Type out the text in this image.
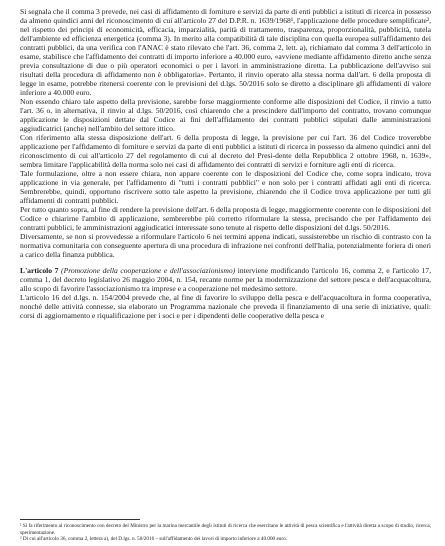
Si segnala che il comma 3 prevede, nei casi di affidamento di forniture e servizi da parte di enti pubblici a istituti di ricerca in possesso da almeno quindici anni del riconoscimento di cui all'articolo 27 del D.P.R. n. 1639/1968¹, l'applicazione delle procedure semplificate², nel rispetto dei principi di economicità, efficacia, imparzialità, parità di trattamento, trasparenza, proporzionalità, pubblicità, tutela dell'ambiente ed efficienza energetica (comma 3). In merito alla compatibilità di tale disciplina con quella europea sull'affidamento dei contratti pubblici, da una verifica con l'ANAC è stato rilevato che l'art. 36, comma 2, lett. a), richiamato dal comma 3 dell'articolo in esame, stabilisce che l'affidamento dei contratti di importo inferiore a 40.000 euro, «avviene mediante affidamento diretto anche senza previa consultazione di due o più operatori economici o per i lavori in amministrazione diretta. La pubblicazione dell'avviso sui risultati della procedura di affidamento non è obbligatoria». Pertanto, il rinvio operato alla stessa norma dall'art. 6 della proposta di legge in esame, potrebbe ritenersi coerente con le previsioni del d.lgs. 50/2016 solo se diretto a disciplinare gli affidamenti di valore inferiore a 40.000 euro.

Non essendo chiaro tale aspetto della previsione, sarebbe forse maggiormente conforme alle disposizioni del Codice, il rinvio a tutto l'art. 36 o, in alternativa, il rinvio al d.lgs. 50/2016, così chiarendo che a prescindere dall'importo del contratto, trovano comunque applicazione le disposizioni dettate dal Codice ai fini dell'affidamento dei contratti pubblici stipulati dalle amministrazioni aggiudicatrici (anche) nell'ambito del settore ittico.

Con riferimento alla stessa disposizione dell'art. 6 della proposta di legge, la previsione per cui l'art. 36 del Codice troverebbe applicazione per l'affidamento di forniture e servizi da parte di enti pubblici a istituti di ricerca in possesso da almeno quindici anni del riconoscimento di cui all'articolo 27 del regolamento di cui al decreto del Presi-dente della Repubblica 2 ottobre 1968, n. 1639», sembra limitare l'applicabilità della norma solo nei casi di affidamento dei contratti di servizi e forniture agli enti di ricerca.

Tale formulazione, oltre a non essere chiara, non appare coerente con le disposizioni del Codice che, come sopra indicato, trova applicazione in via generale, per l'affidamento di "tutti i contratti pubblici" e non solo per i contratti affidati agli enti di ricerca. Sembrerebbe, quindi, opportuno riscrivere sotto tale aspetto la previsione, chiarendo che il Codice trova applicazione per tutti gli affidamenti di contratti pubblici.

Per tutto quanto sopra, al fine di rendere la previsione dell'art. 6 della proposta di legge, maggiormente coerente con le disposizioni del Codice e chiarirne l'ambito di applicazione, sembrerebbe più corretto riformulare la stessa, precisando che per l'affidamento dei contratti pubblici, le amministrazioni aggiudicatici interessate sono tenute al rispetto delle disposizioni del d.lgs. 50/2016.

Diversamente, se non si provvedesse a riformulare l'articolo 6 nei termini appena indicati, sussisterebbe un rischio di contrasto con la normativa comunitaria con conseguente apertura di una procedura di infrazione nei confronti dell'Italia, potenzialmente foriera di oneri a carico della finanza pubblica.

L'articolo 7 (Promozione della cooperazione e dell'associazionismo) interviene modificando l'articolo 16, comma 2, e l'articolo 17, comma 1, del decreto legislativo 26 maggio 2004, n. 154, recante norme per la modernizzazione del settore pesca e dell'acquacoltura, allo scopo di favorire l'associazionismo tra imprese e a cooperazione nel medesimo settore.

L'articolo 16 del d.lgs. n. 154/2004 prevede che, al fine di favorire lo sviluppo della pesca e dell'acquacoltura in forma cooperativa, nonché delle attività connesse, sia elaborato un Programma nazionale che preveda il finanziamento di una serie di iniziative, quali: corsi di aggiornamento e riqualificazione per i soci e per i dipendenti delle cooperative della pesca e

¹ Si fa riferimento al riconoscimento con decreto del Ministro per la marina mercantile degli istituti di ricerca che esercitano le attività di pesca scientifica e l'attività diretta a scopo di studio, ricerca, sperimentazione.

² Di cui all'articolo 36, comma 2, lettera a), del D.lgs. n. 50/2016 – sull'affidamento dei lavori di importo inferiore a 40.000 euro.
